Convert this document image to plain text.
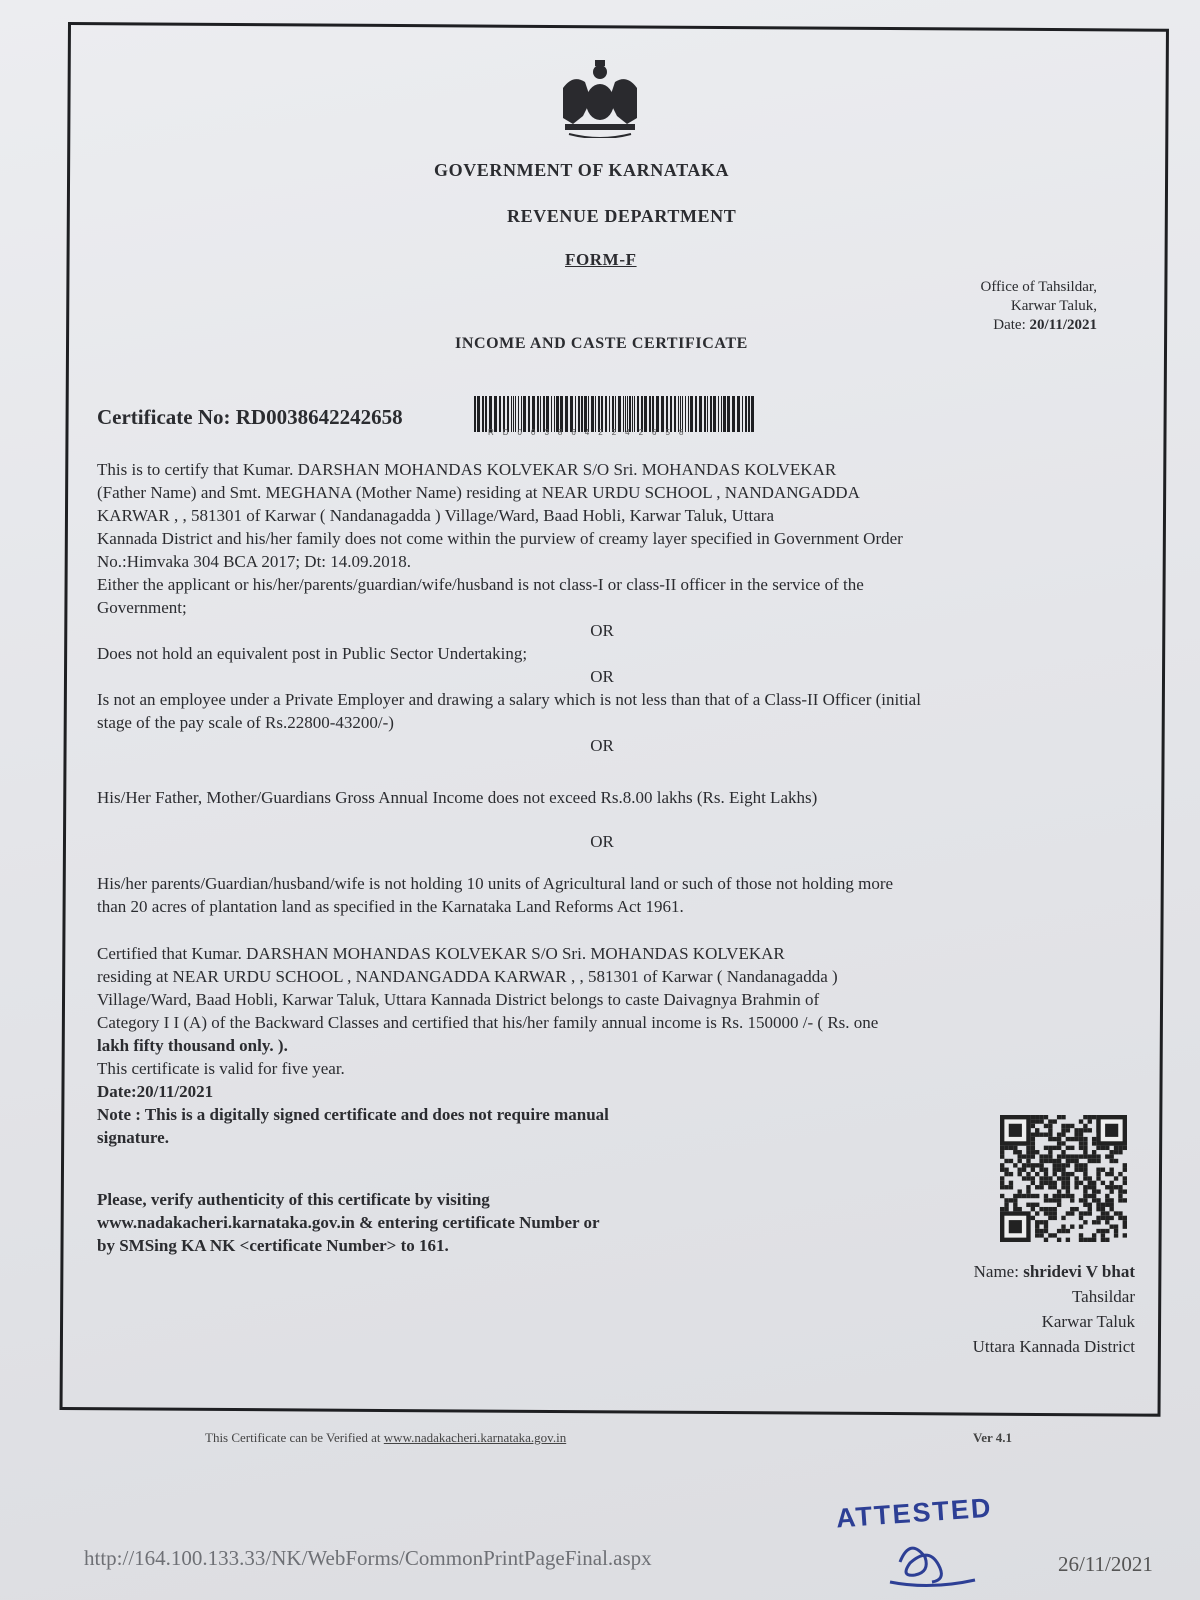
GOVERNMENT OF KARNATAKA
REVENUE DEPARTMENT
FORM-F
INCOME AND CASTE CERTIFICATE
Office of Tahsildar,
Karwar Taluk,
Date: 20/11/2021
Certificate No: RD0038642242658
RD0038642242658
This is to certify that Kumar. DARSHAN MOHANDAS KOLVEKAR S/O Sri. MOHANDAS KOLVEKAR
(Father Name) and Smt. MEGHANA (Mother Name) residing at NEAR URDU SCHOOL , NANDANGADDA
KARWAR , , 581301 of Karwar ( Nandanagadda ) Village/Ward, Baad Hobli, Karwar Taluk, Uttara
Kannada District and his/her family does not come within the purview of creamy layer specified in Government Order
No.:Himvaka 304 BCA 2017; Dt: 14.09.2018.
Either the applicant or his/her/parents/guardian/wife/husband is not class-I or class-II officer in the service of the
Government;
OR
Does not hold an equivalent post in Public Sector Undertaking;
OR
Is not an employee under a Private Employer and drawing a salary which is not less than that of a Class-II Officer (initial
stage of the pay scale of Rs.22800-43200/-)
OR
His/Her Father, Mother/Guardians Gross Annual Income does not exceed Rs.8.00 lakhs (Rs. Eight Lakhs)
OR
His/her parents/Guardian/husband/wife is not holding 10 units of Agricultural land or such of those not holding more
than 20 acres of plantation land as specified in the Karnataka Land Reforms Act 1961.
Certified that Kumar. DARSHAN MOHANDAS KOLVEKAR S/O Sri. MOHANDAS KOLVEKAR
residing at NEAR URDU SCHOOL , NANDANGADDA KARWAR , , 581301 of Karwar ( Nandanagadda )
Village/Ward, Baad Hobli, Karwar Taluk, Uttara Kannada District belongs to caste Daivagnya Brahmin of
Category I I (A) of the Backward Classes and certified that his/her family annual income is Rs. 150000 /- ( Rs. one
lakh fifty thousand only. ).
This certificate is valid for five year.
Date:20/11/2021
Note : This is a digitally signed certificate and does not require manual
signature.
Please, verify authenticity of this certificate by visiting
www.nadakacheri.karnataka.gov.in & entering certificate Number or
by SMSing KA NK <certificate Number> to 161.
Name: shridevi V bhat
Tahsildar
Karwar Taluk
Uttara Kannada District
This Certificate can be Verified at www.nadakacheri.karnataka.gov.in	Ver 4.1
ATTESTED
http://164.100.133.33/NK/WebForms/CommonPrintPageFinal.aspx	26/11/2021
